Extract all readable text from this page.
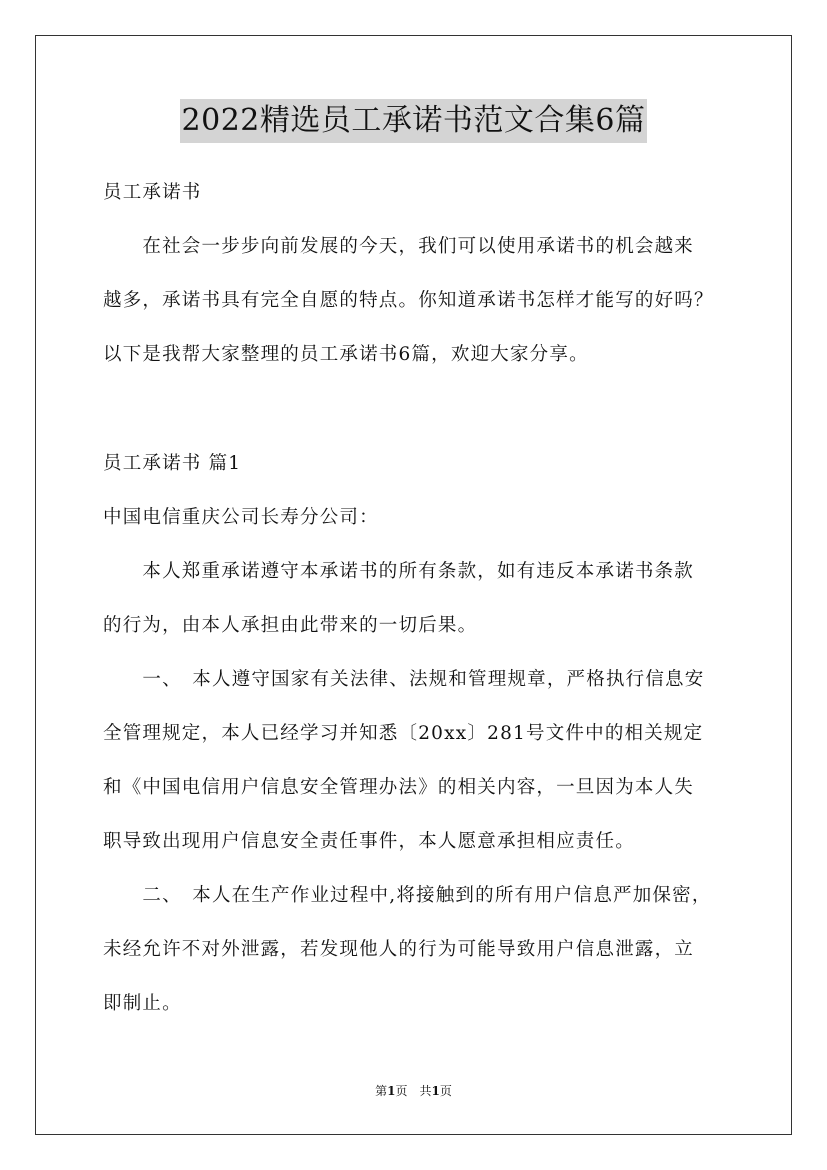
2022精选员工承诺书范文合集6篇
员工承诺书
　　在社会一步步向前发展的今天，我们可以使用承诺书的机会越来
越多，承诺书具有完全自愿的特点。你知道承诺书怎样才能写的好吗？
以下是我帮大家整理的员工承诺书6篇，欢迎大家分享。
员工承诺书 篇1
中国电信重庆公司长寿分公司：
　　本人郑重承诺遵守本承诺书的所有条款，如有违反本承诺书条款
的行为，由本人承担由此带来的一切后果。
　　一、　本人遵守国家有关法律、法规和管理规章，严格执行信息安
全管理规定，本人已经学习并知悉〔20xx〕281号文件中的相关规定
和《中国电信用户信息安全管理办法》的相关内容，一旦因为本人失
职导致出现用户信息安全责任事件，本人愿意承担相应责任。
　　二、　本人在生产作业过程中,将接触到的所有用户信息严加保密，
未经允许不对外泄露，若发现他人的行为可能导致用户信息泄露，立
即制止。
第1页　共1页
